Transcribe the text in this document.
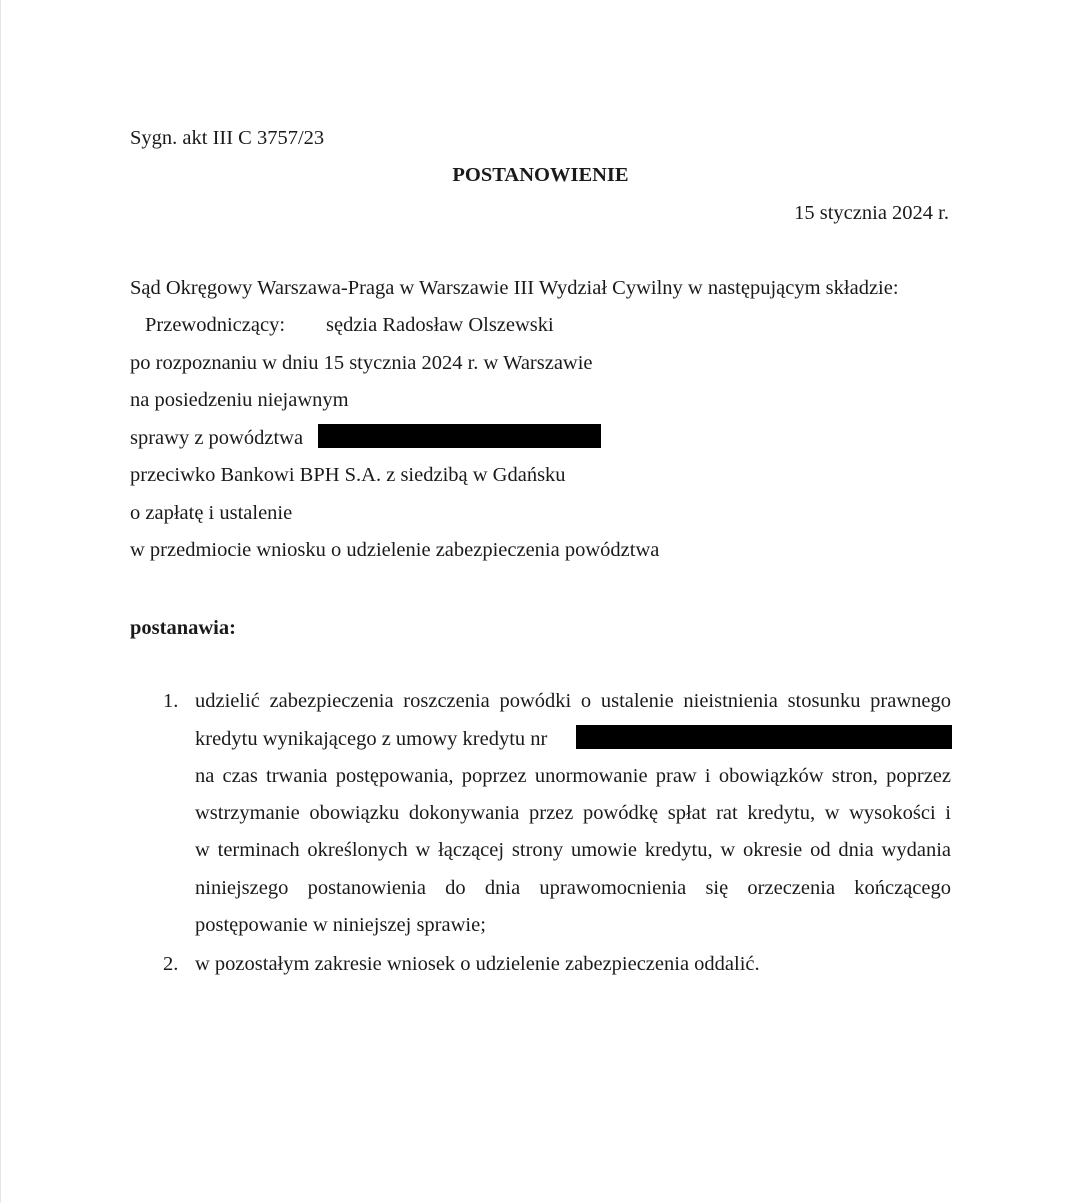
Sygn. akt III C 3757/23
POSTANOWIENIE
15 stycznia 2024 r.
Sąd Okręgowy Warszawa-Praga w Warszawie III Wydział Cywilny w następującym składzie:
Przewodniczący: sędzia Radosław Olszewski
po rozpoznaniu w dniu 15 stycznia 2024 r. w Warszawie
na posiedzeniu niejawnym
sprawy z powództwa
przeciwko Bankowi BPH S.A. z siedzibą w Gdańsku
o zapłatę i ustalenie
w przedmiocie wniosku o udzielenie zabezpieczenia powództwa
postanawia:
1. udzielić zabezpieczenia roszczenia powódki o ustalenie nieistnienia stosunku prawnego
kredytu wynikającego z umowy kredytu nr
na czas trwania postępowania, poprzez unormowanie praw i obowiązków stron, poprzez
wstrzymanie obowiązku dokonywania przez powódkę spłat rat kredytu, w wysokości i
w terminach określonych w łączącej strony umowie kredytu, w okresie od dnia wydania
niniejszego postanowienia do dnia uprawomocnienia się orzeczenia kończącego
postępowanie w niniejszej sprawie;
2. w pozostałym zakresie wniosek o udzielenie zabezpieczenia oddalić.
